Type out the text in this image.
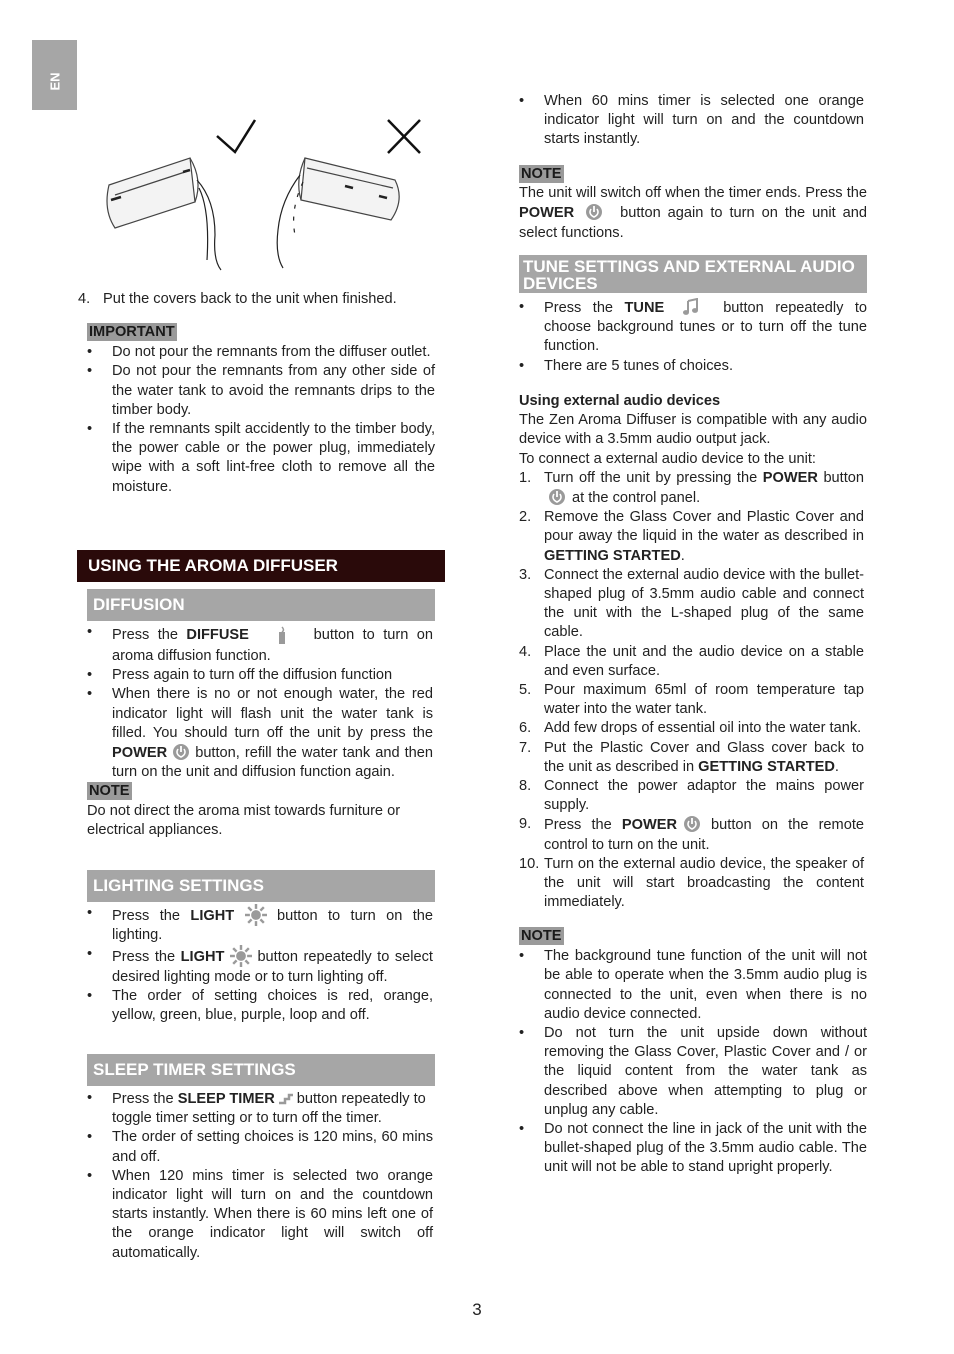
EN
4. Put the covers back to the unit when finished.
IMPORTANT
• Do not pour the remnants from the diffuser outlet.
• Do not pour the remnants from any other side of the water tank to avoid the remnants drips to the timber body.
• If the remnants spilt accidently to the timber body, the power cable or the power plug, immediately wipe with a soft lint-free cloth to remove all the moisture.
USING THE AROMA DIFFUSER
DIFFUSION
• Press the DIFFUSE	button to turn on aroma diffusion function.
• Press again to turn off the diffusion function
• When there is no or not enough water, the red indicator light will flash unit the water tank is filled. You should turn off the unit by press the POWER button, refill the water tank and then turn on the unit and diffusion function again.
NOTE

Do not direct the aroma mist towards furniture or electrical appliances.

LIGHTING SETTINGS
• Press the LIGHT	button to turn on the lighting.
• Press the LIGHT button repeatedly to select desired lighting mode or to turn lighting off.
• The order of setting choices is red, orange, yellow, green, blue, purple, loop and off.
SLEEP TIMER SETTINGS
• Press the SLEEP TIMER button repeatedly to toggle timer setting or to turn off the timer.
• The order of setting choices is 120 mins, 60 mins and off.
• When 120 mins timer is selected two orange indicator light will turn on and the countdown starts instantly. When there is 60 mins left one of the orange indicator light will switch off automatically.
• When 60 mins timer is selected one orange indicator light will turn on and the countdown starts instantly.
NOTE

The unit will switch off when the timer ends. Press the POWER	button again to turn on the unit and select functions.

TUNE SETTINGS AND EXTERNAL AUDIO DEVICES
• Press the TUNE	button repeatedly to choose background tunes or to turn off the tune function.
• There are 5 tunes of choices.

Using external audio devices

The Zen Aroma Diffuser is compatible with any audio device with a 3.5mm audio output jack.

To connect a external audio device to the unit:

1. Turn off the unit by pressing the POWER buttonat the control panel.
2. Remove the Glass Cover and Plastic Cover and pour away the liquid in the water as described in GETTING STARTED.
3. Connect the external audio device with the bullet-shaped plug of 3.5mm audio cable and connect the unit with the L-shaped plug of the same cable.
4. Place the unit and the audio device on a stable and even surface.
5. Pour maximum 65ml of room temperature tap water into the water tank.
6. Add few drops of essential oil into the water tank.
7. Put the Plastic Cover and Glass cover back to the unit as described in GETTING STARTED.
8. Connect the power adaptor the mains power supply.
9. Press the POWER button on the remote control to turn on the unit.
10. Turn on the external audio device, the speaker of the unit will start broadcasting the content immediately.
NOTE
• The background tune function of the unit will not be able to operate when the 3.5mm audio plug is connected to the unit, even when there is no audio device connected.
• Do not turn the unit upside down without removing the Glass Cover, Plastic Cover and / or the liquid content from the water tank as described above when attempting to plug or unplug any cable.
• Do not connect the line in jack of the unit with the bullet-shaped plug of the 3.5mm audio cable. The unit will not be able to stand upright properly.
3
